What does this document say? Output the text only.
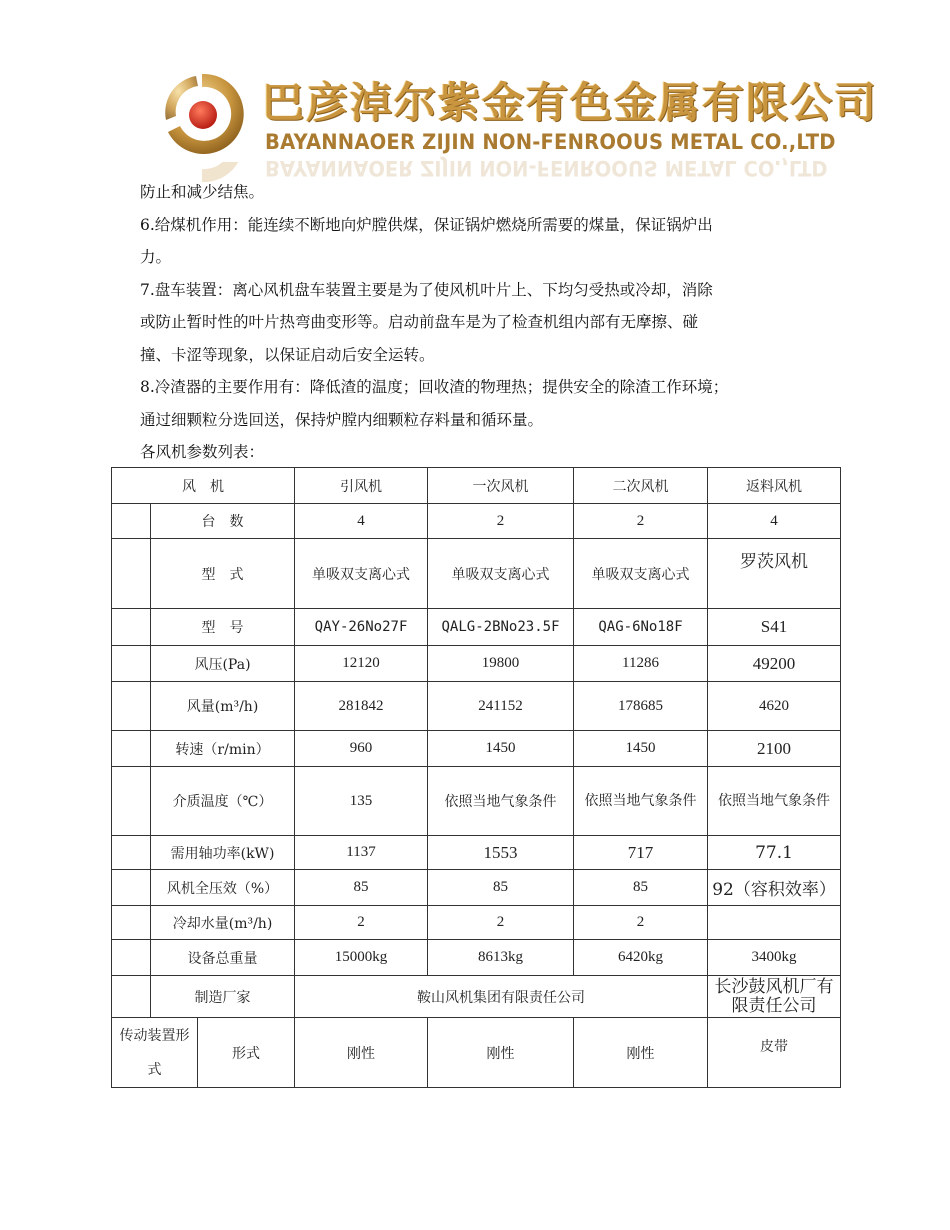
巴彦淖尔紫金有色金属有限公司
BAYANNAOER ZIJIN NON-FENROOUS METAL CO.,LTD
BAYANNAOER ZIJIN NON-FENROOUS METAL CO.,LTD

防止和减少结焦。

6.给煤机作用：能连续不断地向炉膛供煤，保证锅炉燃烧所需要的煤量，保证锅炉出

力。

7.盘车装置：离心风机盘车装置主要是为了使风机叶片上、下均匀受热或冷却，消除

或防止暂时性的叶片热弯曲变形等。启动前盘车是为了检查机组内部有无摩擦、碰

撞、卡涩等现象，以保证启动后安全运转。

8.冷渣器的主要作用有：降低渣的温度；回收渣的物理热；提供安全的除渣工作环境；

通过细颗粒分选回送，保持炉膛内细颗粒存料量和循环量。

各风机参数列表：

风　机			引风机	一次风机	二次风机	返料风机
	台　数		4	2	2	4
	型　式		单吸双支离心式	单吸双支离心式	单吸双支离心式	罗茨风机
	型　号		QAY-26No27F	QALG-2BNo23.5F	QAG-6No18F	S41
	风压(Pa)		12120	19800	11286	49200
	风量(m³/h)		281842	241152	178685	4620
	转速（r/min）		960	1450	1450	2100
	介质温度（℃）		135	依照当地气象条件	依照当地气象条件	依照当地气象条件
	需用轴功率(kW)		1137	1553	717	77.1
	风机全压效（%）		85	85	85	92（容积效率）
	冷却水量(m³/h)		2	2	2	
	设备总重量		15000kg	8613kg	6420kg	3400kg
	制造厂家		鞍山风机集团有限责任公司			长沙鼓风机厂有限责任公司
传动装置形式		形式	刚性	刚性	刚性	皮带
